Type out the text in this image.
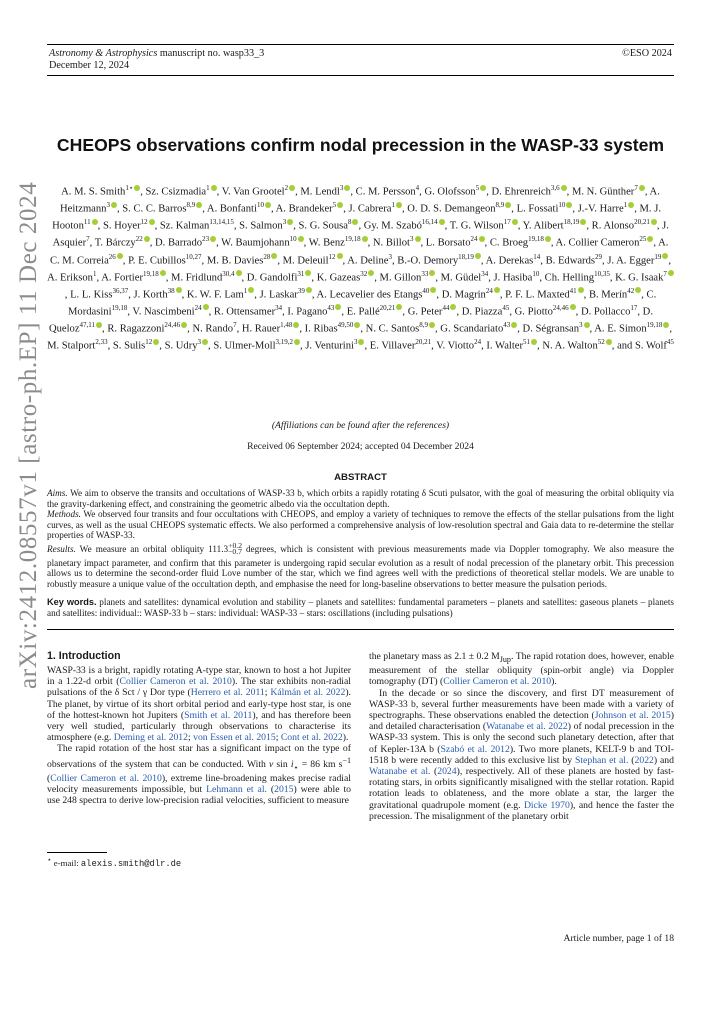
Astronomy & Astrophysics manuscript no. wasp33_3
December 12, 2024
©ESO 2024
arXiv:2412.08557v1 [astro-ph.EP] 11 Dec 2024
CHEOPS observations confirm nodal precession in the WASP-33 system
A. M. S. Smith$^{1⋆}$ , Sz. Csizmadia$^1$ , V. Van Grootel$^2$ , M. Lendl$^3$ , C. M. Persson$^4$, G. Olofsson$^5$ , D. Ehrenreich$^{3,6}$ , M. N. Günther$^7$ , A. Heitzmann$^3$ , S. C. C. Barros$^{8,9}$ , A. Bonfanti$^{10}$ , A. Brandeker$^5$ , J. Cabrera$^1$ , O. D. S. Demangeon$^{8,9}$ , L. Fossati$^{10}$ , J.-V. Harre$^1$ , M. J. Hooton$^{11}$ , S. Hoyer$^{12}$ , Sz. Kalman$^{13,14,15}$, S. Salmon$^3$ , S. G. Sousa$^8$ , Gy. M. Szabó$^{16,14}$ , T. G. Wilson$^{17}$ , Y. Alibert$^{18,19}$ , R. Alonso$^{20,21}$ , J. Asquier$^7$, T. Bárczy$^{22}$ , D. Barrado$^{23}$ , W. Baumjohann$^{10}$ , W. Benz$^{19,18}$ , N. Billot$^3$ , L. Borsato$^{24}$ , C. Broeg$^{19,18}$ , A. Collier Cameron$^{25}$ , A. C. M. Correia$^{26}$ , P. E. Cubillos$^{10,27}$, M. B. Davies$^{28}$ , M. Deleuil$^{12}$ , A. Deline$^3$, B.-O. Demory$^{18,19}$ , A. Derekas$^{14}$, B. Edwards$^{29}$, J. A. Egger$^{19}$ , A. Erikson$^1$, A. Fortier$^{19,18}$ , M. Fridlund$^{30,4}$ , D. Gandolfi$^{31}$ , K. Gazeas$^{32}$ , M. Gillon$^{33}$ , M. Güdel$^{34}$, J. Hasiba$^{10}$, Ch. Helling$^{10,35}$, K. G. Isaak$^7$, L. L. Kiss$^{36,37}$, J. Korth$^{38}$ , K. W. F. Lam$^1$ , J. Laskar$^{39}$ , A. Lecavelier des Etangs$^{40}$ , D. Magrin$^{24}$ , P. F. L. Maxted$^{41}$ , B. Merín$^{42}$ , C. Mordasini$^{19,18}$, V. Nascimbeni$^{24}$ , R. Ottensamer$^{34}$, I. Pagano$^{43}$ , E. Pallé$^{20,21}$ , G. Peter$^{44}$ , D. Piazza$^{45}$, G. Piotto$^{24,46}$ , D. Pollacco$^{17}$, D. Queloz$^{47,11}$ , R. Ragazzoni$^{24,46}$ , N. Rando$^7$, H. Rauer$^{1,48}$ , I. Ribas$^{49,50}$ , N. C. Santos$^{8,9}$ , G. Scandariato$^{43}$ , D. Ségransan$^3$ , A. E. Simon$^{19,18}$ , M. Stalport$^{2,33}$, S. Sulis$^{12}$ , S. Udry$^3$ , S. Ulmer-Moll$^{3,19,2}$ , J. Venturini$^3$ , E. Villaver$^{20,21}$, V. Viotto$^{24}$, I. Walter$^{51}$ , N. A. Walton$^{52}$ , and S. Wolf$^{45}$
(Affiliations can be found after the references)
Received 06 September 2024; accepted 04 December 2024
ABSTRACT

Aims. We aim to observe the transits and occultations of WASP-33 b, which orbits a rapidly rotating δ Scuti pulsator, with the goal of measuring the orbital obliquity via the gravity-darkening effect, and constraining the geometric albedo via the occultation depth.

Methods. We observed four transits and four occultations with CHEOPS, and employ a variety of techniques to remove the effects of the stellar pulsations from the light curves, as well as the usual CHEOPS systematic effects. We also performed a comprehensive analysis of low-resolution spectral and Gaia data to re-determine the stellar properties of WASP-33.

Results. We measure an orbital obliquity $111.3^{+0.2}_{-0.7}$ degrees, which is consistent with previous measurements made via Doppler tomography. We also measure the planetary impact parameter, and confirm that this parameter is undergoing rapid secular evolution as a result of nodal precession of the planetary orbit. This precession allows us to determine the second-order fluid Love number of the star, which we find agrees well with the predictions of theoretical stellar models. We are unable to robustly measure a unique value of the occultation depth, and emphasise the need for long-baseline observations to better measure the pulsation periods.

Key words. planets and satellites: dynamical evolution and stability – planets and satellites: fundamental parameters – planets and satellites: gaseous planets – planets and satellites: individual:: WASP-33 b – stars: individual: WASP-33 – stars: oscillations (including pulsations)
1. Introduction

WASP-33 is a bright, rapidly rotating A-type star, known to host a hot Jupiter in a 1.22-d orbit (Collier Cameron et al. 2010). The star exhibits non-radial pulsations of the δ Sct / γ Dor type (Herrero et al. 2011; Kálmán et al. 2022). The planet, by virtue of its short orbital period and early-type host star, is one of the hottest-known hot Jupiters (Smith et al. 2011), and has therefore been very well studied, particularly through observations to characterise its atmosphere (e.g. Deming et al. 2012; von Essen et al. 2015; Cont et al. 2022).

The rapid rotation of the host star has a significant impact on the type of observations of the system that can be conducted. With v $\sin i_⋆ = 86$ km $s^{-1}$ (Collier Cameron et al. 2010), extreme line-broadening makes precise radial velocity measurements impossible, but Lehmann et al. (2015) were able to use 248 spectra to derive low-precision radial velocities, sufficient to measure

the planetary mass as 2.1 ± 0.2 $M_{Jup}$. The rapid rotation does, however, enable measurement of the stellar obliquity (spin-orbit angle) via Doppler tomography (DT) (Collier Cameron et al. 2010).

In the decade or so since the discovery, and first DT measurement of WASP-33 b, several further measurements have been made with a variety of spectrographs. These observations enabled the detection (Johnson et al. 2015) and detailed characterisation (Watanabe et al. 2022) of nodal precession in the WASP-33 system. This is only the second such planetary detection, after that of Kepler-13A b (Szabó et al. 2012). Two more planets, KELT-9 b and TOI-1518 b were recently added to this exclusive list by Stephan et al. (2022) and Watanabe et al. (2024), respectively. All of these planets are hosted by fast-rotating stars, in orbits significantly misaligned with the stellar rotation. Rapid rotation leads to oblateness, and the more oblate a star, the larger the gravitational quadrupole moment (e.g. Dicke 1970), and hence the faster the precession. The misalignment of the planetary orbit

⋆ e-mail: alexis.smith@dlr.de
Article number, page 1 of 18
